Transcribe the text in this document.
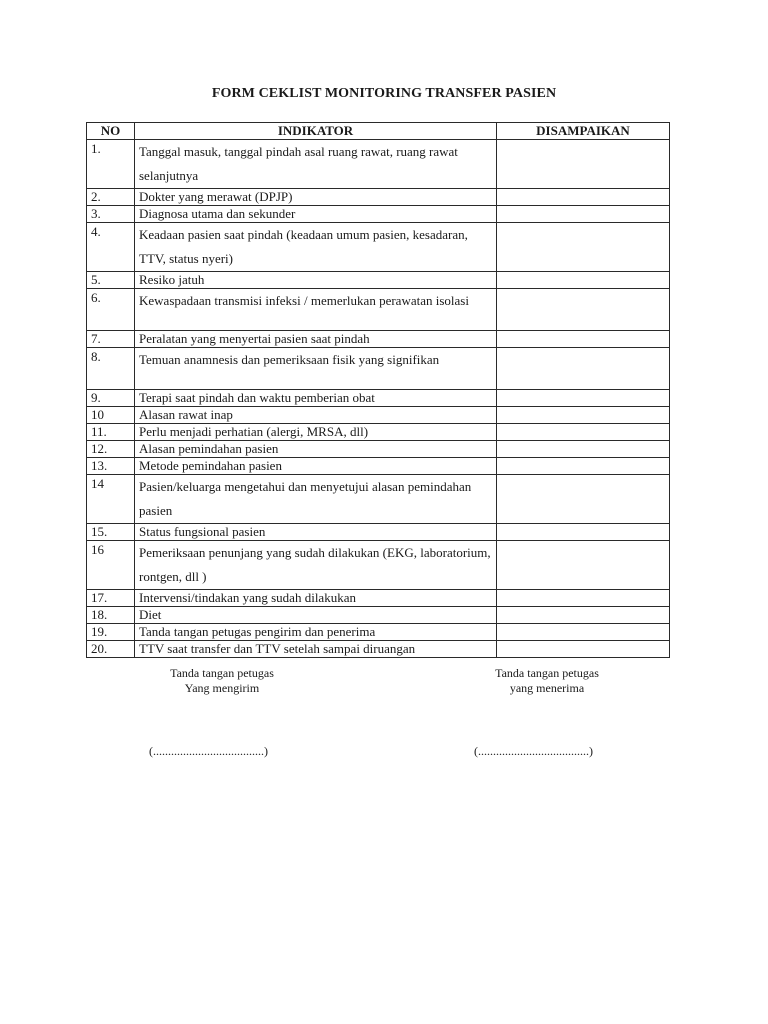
FORM CEKLIST MONITORING TRANSFER PASIEN
NO	INDIKATOR	DISAMPAIKAN
1.	Tanggal masuk, tanggal pindah asal ruang rawat, ruang rawat selanjutnya	
2.	Dokter yang merawat (DPJP)	
3.	Diagnosa utama dan sekunder	
4.	Keadaan pasien saat pindah (keadaan umum pasien, kesadaran, TTV, status nyeri)	
5.	Resiko jatuh	
6.	Kewaspadaan transmisi infeksi / memerlukan perawatan isolasi	
7.	Peralatan yang menyertai pasien saat pindah	
8.	Temuan anamnesis dan pemeriksaan fisik yang signifikan	
9.	Terapi saat pindah dan waktu pemberian obat	
10	Alasan rawat inap	
11.	Perlu menjadi perhatian (alergi, MRSA, dll)	
12.	Alasan pemindahan pasien	
13.	Metode pemindahan pasien	
14	Pasien/keluarga mengetahui dan menyetujui alasan pemindahan pasien	
15.	Status fungsional pasien	
16	Pemeriksaan penunjang yang sudah dilakukan (EKG, laboratorium, rontgen, dll )	
17.	Intervensi/tindakan yang sudah dilakukan	
18.	Diet	
19.	Tanda tangan petugas pengirim dan penerima	
20.	TTV saat transfer dan TTV setelah sampai diruangan	
Tanda tangan petugas
Yang mengirim
(.....................................)
Tanda tangan petugas
yang menerima
(.....................................)
